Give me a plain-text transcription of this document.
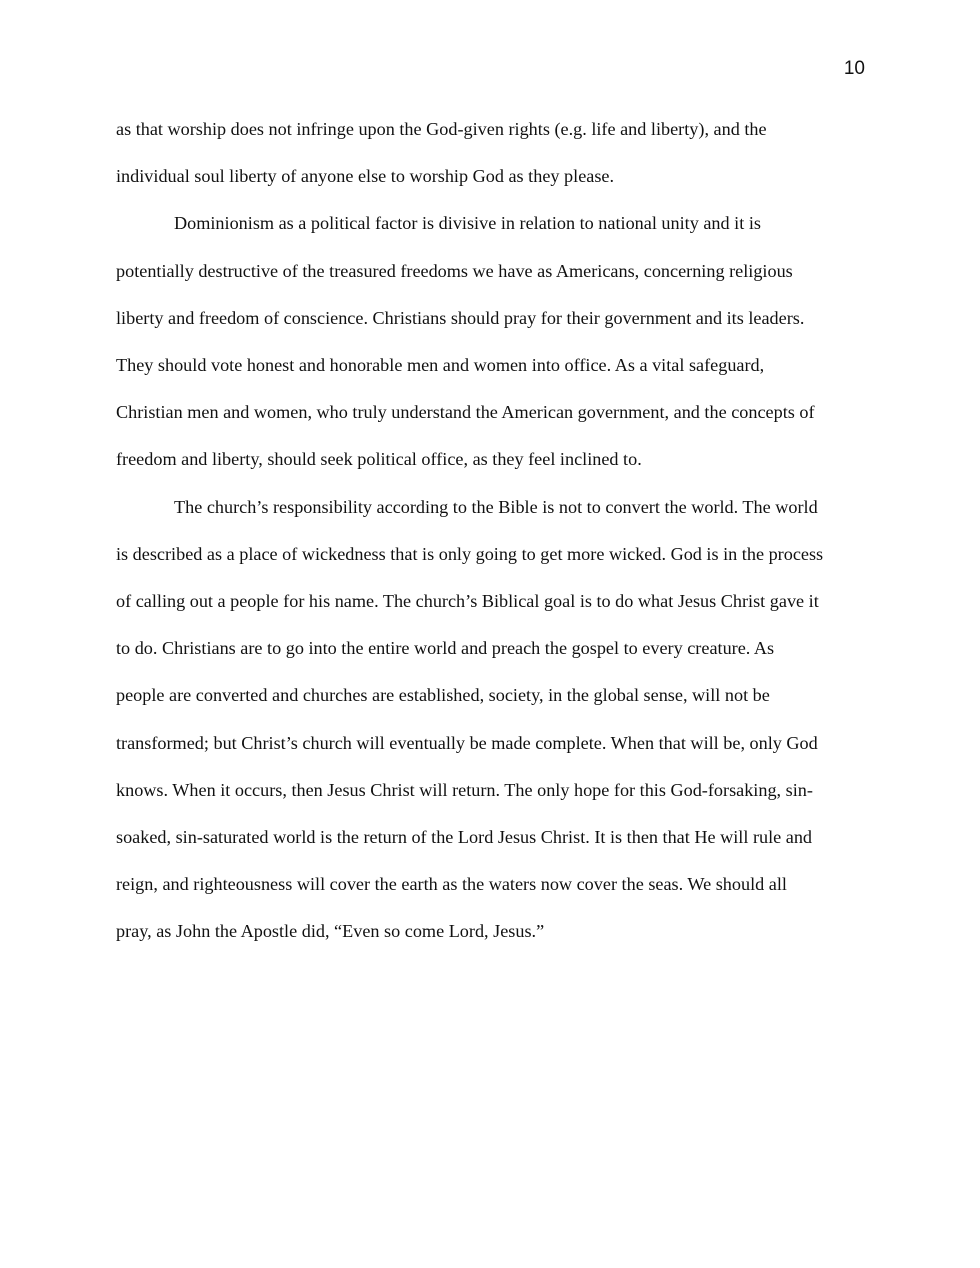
10

as that worship does not infringe upon the God-given rights (e.g. life and liberty), and the
individual soul liberty of anyone else to worship God as they please.

Dominionism as a political factor is divisive in relation to national unity and it is
potentially destructive of the treasured freedoms we have as Americans, concerning religious
liberty and freedom of conscience. Christians should pray for their government and its leaders.
They should vote honest and honorable men and women into office. As a vital safeguard,
Christian men and women, who truly understand the American government, and the concepts of
freedom and liberty, should seek political office, as they feel inclined to.

The church’s responsibility according to the Bible is not to convert the world. The world
is described as a place of wickedness that is only going to get more wicked. God is in the process
of calling out a people for his name. The church’s Biblical goal is to do what Jesus Christ gave it
to do. Christians are to go into the entire world and preach the gospel to every creature. As
people are converted and churches are established, society, in the global sense, will not be
transformed; but Christ’s church will eventually be made complete. When that will be, only God
knows. When it occurs, then Jesus Christ will return. The only hope for this God-forsaking, sin-
soaked, sin-saturated world is the return of the Lord Jesus Christ. It is then that He will rule and
reign, and righteousness will cover the earth as the waters now cover the seas. We should all
pray, as John the Apostle did, “Even so come Lord, Jesus.”
